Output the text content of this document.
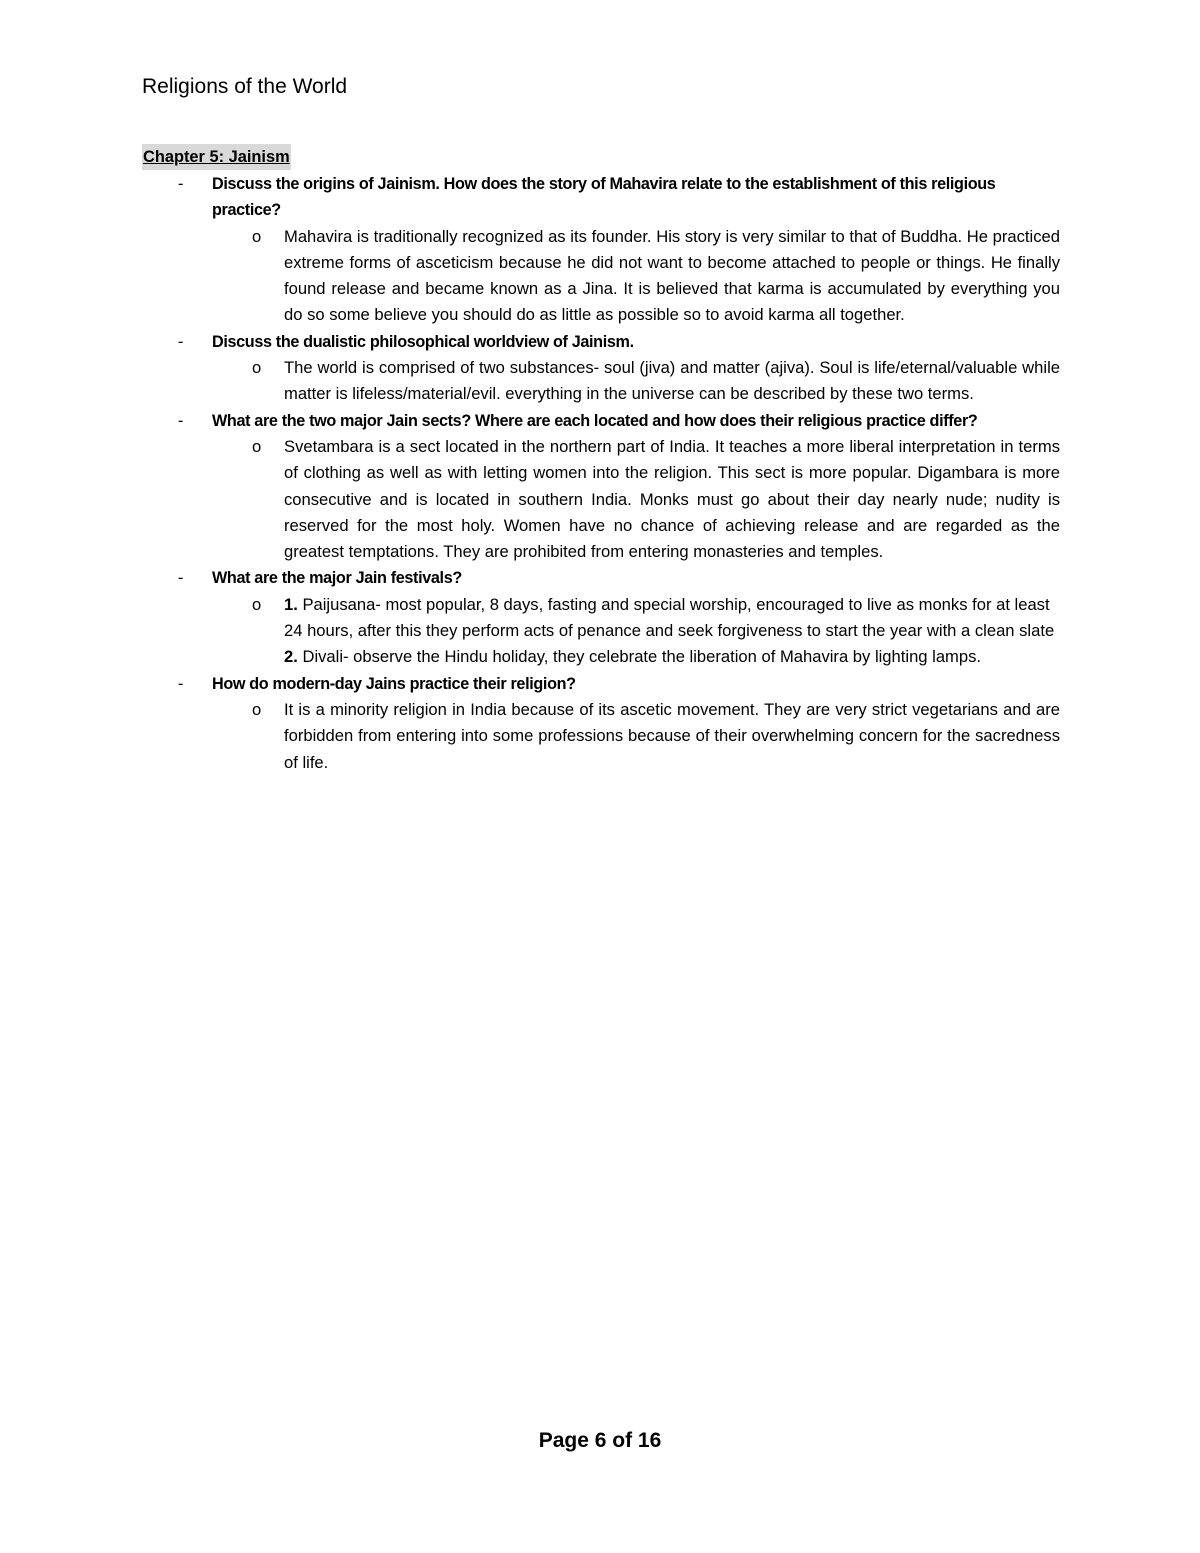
Religions of the World
Chapter 5: Jainism
- Discuss the origins of Jainism. How does the story of Mahavira relate to the establishment of this religious practice?
o Mahavira is traditionally recognized as its founder. His story is very similar to that of Buddha. He practiced extreme forms of asceticism because he did not want to become attached to people or things. He finally found release and became known as a Jina. It is believed that karma is accumulated by everything you do so some believe you should do as little as possible so to avoid karma all together.
- Discuss the dualistic philosophical worldview of Jainism.
o The world is comprised of two substances- soul (jiva) and matter (ajiva). Soul is life/eternal/valuable while matter is lifeless/material/evil. everything in the universe can be described by these two terms.
- What are the two major Jain sects? Where are each located and how does their religious practice differ?
o Svetambara is a sect located in the northern part of India. It teaches a more liberal interpretation in terms of clothing as well as with letting women into the religion. This sect is more popular. Digambara is more consecutive and is located in southern India. Monks must go about their day nearly nude; nudity is reserved for the most holy. Women have no chance of achieving release and are regarded as the greatest temptations. They are prohibited from entering monasteries and temples.
- What are the major Jain festivals?
o 1. Paijusana- most popular, 8 days, fasting and special worship, encouraged to live as monks for at least 24 hours, after this they perform acts of penance and seek forgiveness to start the year with a clean slate
2. Divali- observe the Hindu holiday, they celebrate the liberation of Mahavira by lighting lamps.
- How do modern-day Jains practice their religion?
o It is a minority religion in India because of its ascetic movement. They are very strict vegetarians and are forbidden from entering into some professions because of their overwhelming concern for the sacredness of life.
Page 6 of 16
